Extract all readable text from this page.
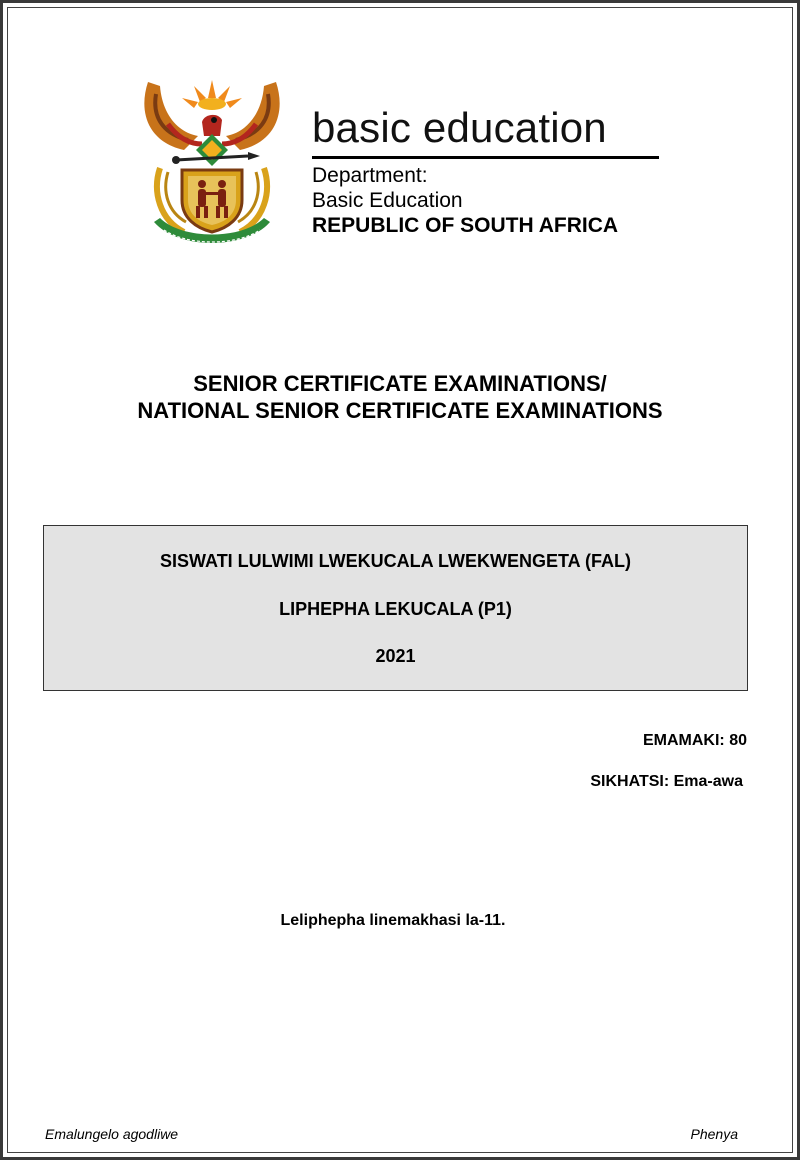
basic education
Department:
Basic Education
REPUBLIC OF SOUTH AFRICA
SENIOR CERTIFICATE EXAMINATIONS/
NATIONAL SENIOR CERTIFICATE EXAMINATIONS
SISWATI LULWIMI LWEKUCALA LWEKWENGETA (FAL)
LIPHEPHA LEKUCALA (P1)
2021
EMAMAKI: 80
SIKHATSI: Ema-awa
Leliphepha linemakhasi la-11.
Emalungelo agodliwe	Phenya
